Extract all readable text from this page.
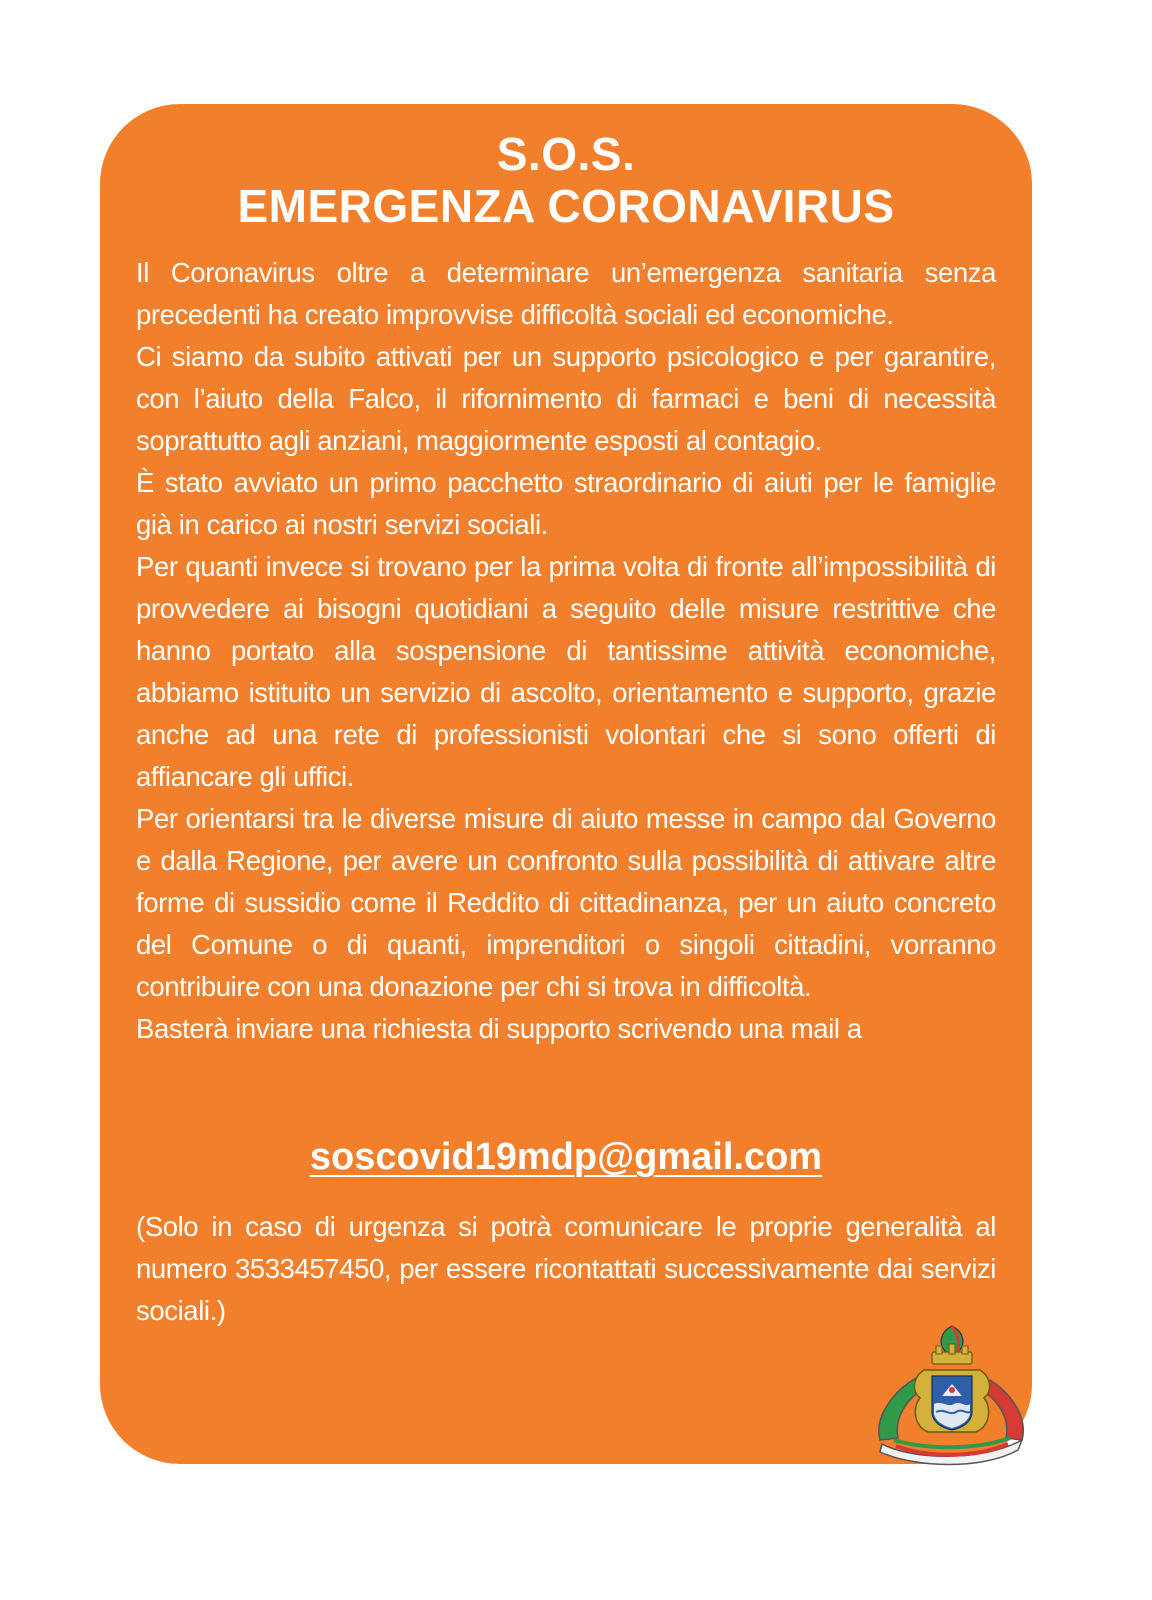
S.O.S.
EMERGENZA CORONAVIRUS

Il Coronavirus oltre a determinare un’emergenza sanitaria senza precedenti ha creato improvvise difficoltà sociali ed economiche.

Ci siamo da subito attivati per un supporto psicologico e per garantire, con l’aiuto della Falco, il rifornimento di farmaci e beni di necessità soprattutto agli anziani, maggiormente esposti al contagio.

È stato avviato un primo pacchetto straordinario di aiuti per le famiglie già in carico ai nostri servizi sociali.

Per quanti invece si trovano per la prima volta di fronte all’impossibilità di provvedere ai bisogni quotidiani a seguito delle misure restrittive che hanno portato alla sospensione di tantissime attività economiche, abbiamo istituito un servizio di ascolto, orientamento e supporto, grazie anche ad una rete di professionisti volontari che si sono offerti di affiancare gli uffici.

Per orientarsi tra le diverse misure di aiuto messe in campo dal Governo e dalla Regione, per avere un confronto sulla possibilità di attivare altre forme di sussidio come il Reddito di cittadinanza, per un aiuto concreto del Comune o di quanti, imprenditori o singoli cittadini, vorranno contribuire con una donazione per chi si trova in difficoltà.

Basterà inviare una richiesta di supporto scrivendo una mail a

soscovid19mdp@gmail.com

(Solo in caso di urgenza si potrà comunicare le proprie generalità al numero 3533457450, per essere ricontattati successivamente dai servizi sociali.)
